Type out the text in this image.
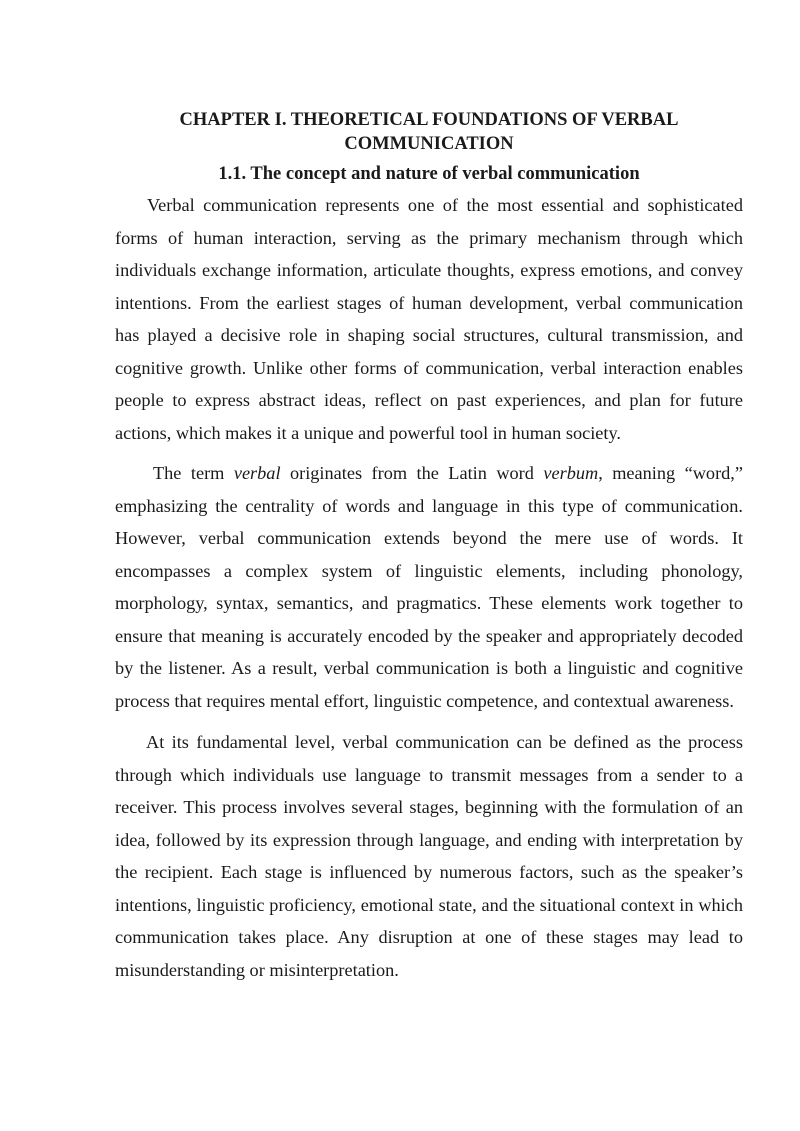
CHAPTER I. THEORETICAL FOUNDATIONS OF VERBAL COMMUNICATION
1.1. The concept and nature of verbal communication

Verbal communication represents one of the most essential and sophisticated forms of human interaction, serving as the primary mechanism through which individuals exchange information, articulate thoughts, express emotions, and convey intentions. From the earliest stages of human development, verbal communication has played a decisive role in shaping social structures, cultural transmission, and cognitive growth. Unlike other forms of communication, verbal interaction enables people to express abstract ideas, reflect on past experiences, and plan for future actions, which makes it a unique and powerful tool in human society.

The term verbal originates from the Latin word verbum, meaning “word,” emphasizing the centrality of words and language in this type of communication. However, verbal communication extends beyond the mere use of words. It encompasses a complex system of linguistic elements, including phonology, morphology, syntax, semantics, and pragmatics. These elements work together to ensure that meaning is accurately encoded by the speaker and appropriately decoded by the listener. As a result, verbal communication is both a linguistic and cognitive process that requires mental effort, linguistic competence, and contextual awareness.

At its fundamental level, verbal communication can be defined as the process through which individuals use language to transmit messages from a sender to a receiver. This process involves several stages, beginning with the formulation of an idea, followed by its expression through language, and ending with interpretation by the recipient. Each stage is influenced by numerous factors, such as the speaker’s intentions, linguistic proficiency, emotional state, and the situational context in which communication takes place. Any disruption at one of these stages may lead to misunderstanding or misinterpretation.
